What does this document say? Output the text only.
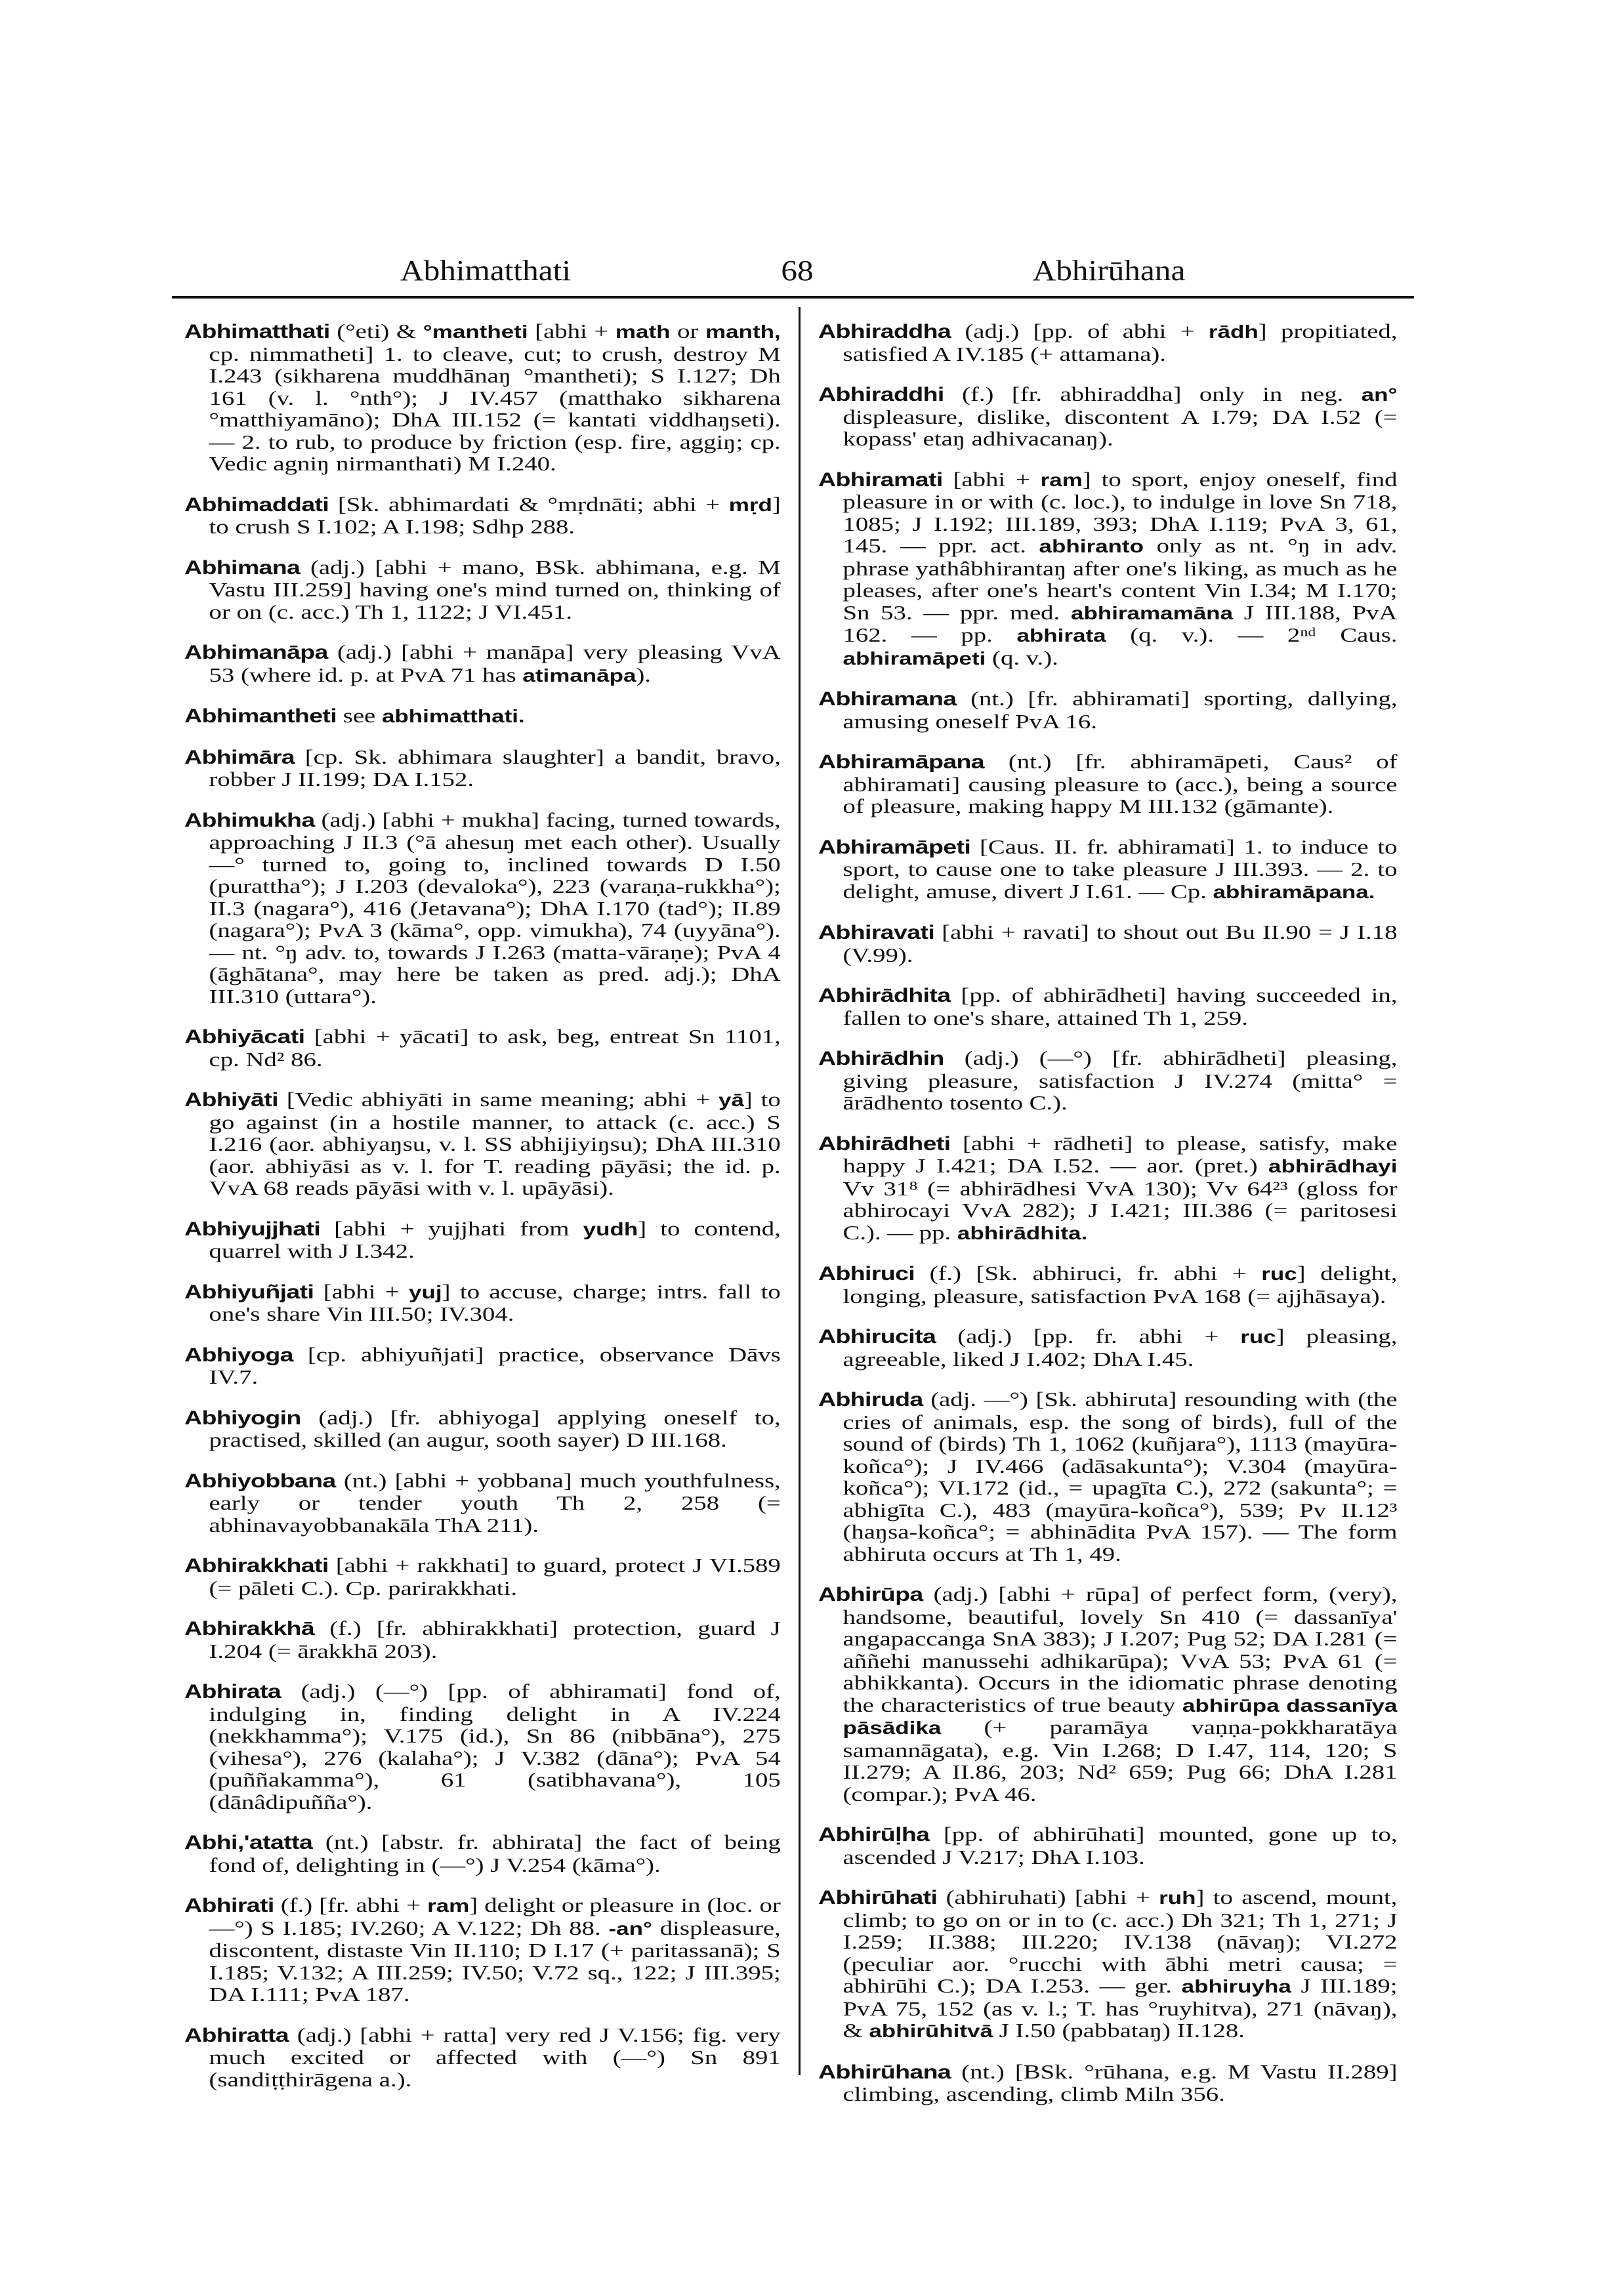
Abhimatthati	68	Abhirūhana
Abhimatthati (°eti) & °mantheti [abhi + math or manth, cp. nimmatheti] 1. to cleave, cut; to crush, destroy M I.243 (sikharena muddhānaŋ °mantheti); S I.127; Dh 161 (v. l. °nth°); J IV.457 (matthako sikharena °matthiyamāno); DhA III.152 (= kantati viddhaŋseti). — 2. to rub, to produce by friction (esp. fire, aggiŋ; cp. Vedic agniŋ nirmanthati) M I.240.
Abhimaddati [Sk. abhimardati & °mṛdnāti; abhi + mṛd] to crush S I.102; A I.198; Sdhp 288.
Abhimana (adj.) [abhi + mano, BSk. abhimana, e.g. M Vastu III.259] having one's mind turned on, thinking of or on (c. acc.) Th 1, 1122; J VI.451.
Abhimanāpa (adj.) [abhi + manāpa] very pleasing VvA 53 (where id. p. at PvA 71 has atimanāpa).
Abhimantheti see abhimatthati.
Abhimāra [cp. Sk. abhimara slaughter] a bandit, bravo, robber J II.199; DA I.152.
Abhimukha (adj.) [abhi + mukha] facing, turned towards, approaching J II.3 (°ā ahesuŋ met each other). Usually —° turned to, going to, inclined towards D I.50 (purattha°); J I.203 (devaloka°), 223 (varaṇa-rukkha°); II.3 (nagara°), 416 (Jetavana°); DhA I.170 (tad°); II.89 (nagara°); PvA 3 (kāma°, opp. vimukha), 74 (uyyāna°). — nt. °ŋ adv. to, towards J I.263 (matta-vāraṇe); PvA 4 (āghātana°, may here be taken as pred. adj.); DhA III.310 (uttara°).
Abhiyācati [abhi + yācati] to ask, beg, entreat Sn 1101, cp. Nd² 86.
Abhiyāti [Vedic abhiyāti in same meaning; abhi + yā] to go against (in a hostile manner, to attack (c. acc.) S I.216 (aor. abhiyaŋsu, v. l. SS abhijiyiŋsu); DhA III.310 (aor. abhiyāsi as v. l. for T. reading pāyāsi; the id. p. VvA 68 reads pāyāsi with v. l. upāyāsi).
Abhiyujjhati [abhi + yujjhati from yudh] to contend, quarrel with J I.342.
Abhiyuñjati [abhi + yuj] to accuse, charge; intrs. fall to one's share Vin III.50; IV.304.
Abhiyoga [cp. abhiyuñjati] practice, observance Dāvs IV.7.
Abhiyogin (adj.) [fr. abhiyoga] applying oneself to, practised, skilled (an augur, sooth sayer) D III.168.
Abhiyobbana (nt.) [abhi + yobbana] much youthfulness, early or tender youth Th 2, 258 (= abhinavayobbanakāla ThA 211).
Abhirakkhati [abhi + rakkhati] to guard, protect J VI.589 (= pāleti C.). Cp. parirakkhati.
Abhirakkhā (f.) [fr. abhirakkhati] protection, guard J I.204 (= ārakkhā 203).
Abhirata (adj.) (—°) [pp. of abhiramati] fond of, indulging in, finding delight in A IV.224 (nekkhamma°); V.175 (id.), Sn 86 (nibbāna°), 275 (vihesa°), 276 (kalaha°); J V.382 (dāna°); PvA 54 (puññakamma°), 61 (satibhavana°), 105 (dānâdipuñña°).
Abhi,'atatta (nt.) [abstr. fr. abhirata] the fact of being fond of, delighting in (—°) J V.254 (kāma°).
Abhirati (f.) [fr. abhi + ram] delight or pleasure in (loc. or —°) S I.185; IV.260; A V.122; Dh 88. -an° displeasure, discontent, distaste Vin II.110; D I.17 (+ paritassanā); S I.185; V.132; A III.259; IV.50; V.72 sq., 122; J III.395; DA I.111; PvA 187.
Abhiratta (adj.) [abhi + ratta] very red J V.156; fig. very much excited or affected with (—°) Sn 891 (sandiṭṭhirāgena a.).
Abhiraddha (adj.) [pp. of abhi + rādh] propitiated, satisfied A IV.185 (+ attamana).
Abhiraddhi (f.) [fr. abhiraddha] only in neg. an° displeasure, dislike, discontent A I.79; DA I.52 (= kopass' etaŋ adhivacanaŋ).
Abhiramati [abhi + ram] to sport, enjoy oneself, find pleasure in or with (c. loc.), to indulge in love Sn 718, 1085; J I.192; III.189, 393; DhA I.119; PvA 3, 61, 145. — ppr. act. abhiranto only as nt. °ŋ in adv. phrase yathâbhirantaŋ after one's liking, as much as he pleases, after one's heart's content Vin I.34; M I.170; Sn 53. — ppr. med. abhiramamāna J III.188, PvA 162. — pp. abhirata (q. v.). — 2ⁿᵈ Caus. abhiramāpeti (q. v.).
Abhiramana (nt.) [fr. abhiramati] sporting, dallying, amusing oneself PvA 16.
Abhiramāpana (nt.) [fr. abhiramāpeti, Caus² of abhiramati] causing pleasure to (acc.), being a source of pleasure, making happy M III.132 (gāmante).
Abhiramāpeti [Caus. II. fr. abhiramati] 1. to induce to sport, to cause one to take pleasure J III.393. — 2. to delight, amuse, divert J I.61. — Cp. abhiramāpana.
Abhiravati [abhi + ravati] to shout out Bu II.90 = J I.18 (V.99).
Abhirādhita [pp. of abhirādheti] having succeeded in, fallen to one's share, attained Th 1, 259.
Abhirādhin (adj.) (—°) [fr. abhirādheti] pleasing, giving pleasure, satisfaction J IV.274 (mitta° = ārādhento tosento C.).
Abhirādheti [abhi + rādheti] to please, satisfy, make happy J I.421; DA I.52. — aor. (pret.) abhirādhayi Vv 31⁸ (= abhirādhesi VvA 130); Vv 64²³ (gloss for abhirocayi VvA 282); J I.421; III.386 (= paritosesi C.). — pp. abhirādhita.
Abhiruci (f.) [Sk. abhiruci, fr. abhi + ruc] delight, longing, pleasure, satisfaction PvA 168 (= ajjhāsaya).
Abhirucita (adj.) [pp. fr. abhi + ruc] pleasing, agreeable, liked J I.402; DhA I.45.
Abhiruda (adj. —°) [Sk. abhiruta] resounding with (the cries of animals, esp. the song of birds), full of the sound of (birds) Th 1, 1062 (kuñjara°), 1113 (mayūra-koñca°); J IV.466 (adāsakunta°); V.304 (mayūra-koñca°); VI.172 (id., = upagīta C.), 272 (sakunta°; = abhigīta C.), 483 (mayūra-koñca°), 539; Pv II.12³ (haŋsa-koñca°; = abhinādita PvA 157). — The form abhiruta occurs at Th 1, 49.
Abhirūpa (adj.) [abhi + rūpa] of perfect form, (very), handsome, beautiful, lovely Sn 410 (= dassanīya' angapaccanga SnA 383); J I.207; Pug 52; DA I.281 (= aññehi manussehi adhikarūpa); VvA 53; PvA 61 (= abhikkanta). Occurs in the idiomatic phrase denoting the characteristics of true beauty abhirūpa dassanīya pāsādika (+ paramāya vaṇṇa-pokkharatāya samannāgata), e.g. Vin I.268; D I.47, 114, 120; S II.279; A II.86, 203; Nd² 659; Pug 66; DhA I.281 (compar.); PvA 46.
Abhirūḷha [pp. of abhirūhati] mounted, gone up to, ascended J V.217; DhA I.103.
Abhirūhati (abhiruhati) [abhi + ruh] to ascend, mount, climb; to go on or in to (c. acc.) Dh 321; Th 1, 271; J I.259; II.388; III.220; IV.138 (nāvaŋ); VI.272 (peculiar aor. °rucchi with ābhi metri causa; = abhirūhi C.); DA I.253. — ger. abhiruyha J III.189; PvA 75, 152 (as v. l.; T. has °ruyhitva), 271 (nāvaŋ), & abhirūhitvā J I.50 (pabbataŋ) II.128.
Abhirūhana (nt.) [BSk. °rūhana, e.g. M Vastu II.289] climbing, ascending, climb Miln 356.
